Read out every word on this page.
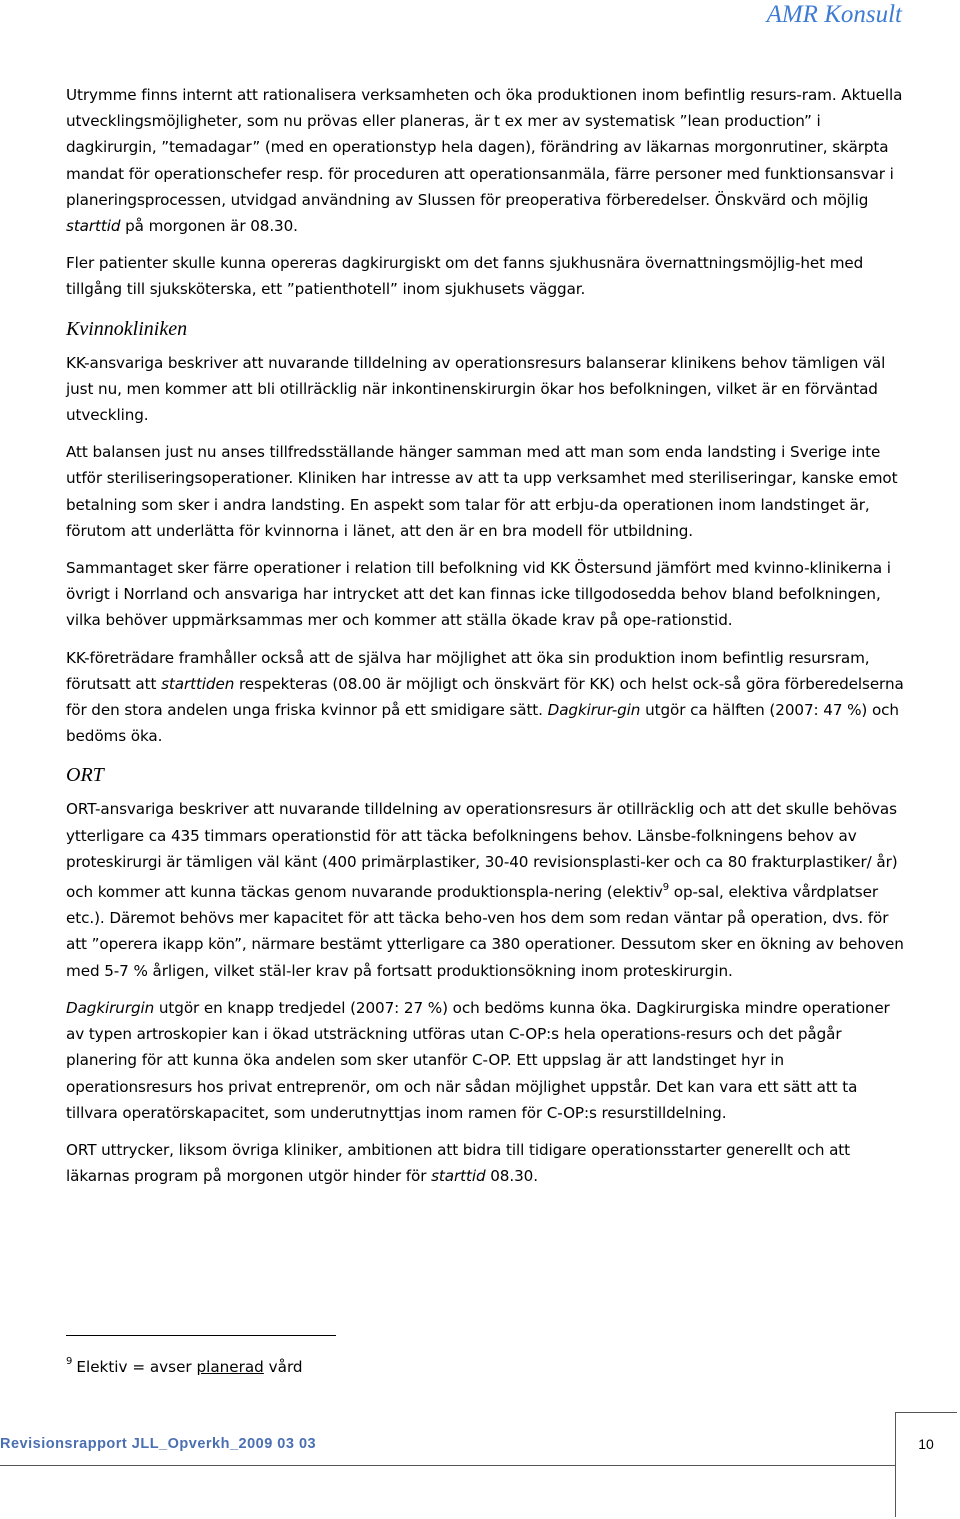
AMR Konsult

Utrymme finns internt att rationalisera verksamheten och öka produktionen inom befintlig resurs-ram. Aktuella utvecklingsmöjligheter, som nu prövas eller planeras, är t ex mer av systematisk ”lean production” i dagkirurgin, ”temadagar” (med en operationstyp hela dagen), förändring av läkarnas morgonrutiner, skärpta mandat för operationschefer resp. för proceduren att operationsanmäla, färre personer med funktionsansvar i planeringsprocessen, utvidgad användning av Slussen för preoperativa förberedelser. Önskvärd och möjlig starttid på morgonen är 08.30.

Fler patienter skulle kunna opereras dagkirurgiskt om det fanns sjukhusnära övernattningsmöjlig-het med tillgång till sjuksköterska, ett ”patienthotell” inom sjukhusets väggar.

Kvinnokliniken

KK-ansvariga beskriver att nuvarande tilldelning av operationsresurs balanserar klinikens behov tämligen väl just nu, men kommer att bli otillräcklig när inkontinenskirurgin ökar hos befolkningen, vilket är en förväntad utveckling.

Att balansen just nu anses tillfredsställande hänger samman med att man som enda landsting i Sverige inte utför steriliseringsoperationer. Kliniken har intresse av att ta upp verksamhet med steriliseringar, kanske emot betalning som sker i andra landsting. En aspekt som talar för att erbju-da operationen inom landstinget är, förutom att underlätta för kvinnorna i länet, att den är en bra modell för utbildning.

Sammantaget sker färre operationer i relation till befolkning vid KK Östersund jämfört med kvinno-klinikerna i övrigt i Norrland och ansvariga har intrycket att det kan finnas icke tillgodosedda behov bland befolkningen, vilka behöver uppmärksammas mer och kommer att ställa ökade krav på ope-rationstid.

KK-företrädare framhåller också att de själva har möjlighet att öka sin produktion inom befintlig resursram, förutsatt att starttiden respekteras (08.00 är möjligt och önskvärt för KK) och helst ock-så göra förberedelserna för den stora andelen unga friska kvinnor på ett smidigare sätt. Dagkirur-gin utgör ca hälften (2007: 47 %) och bedöms öka.

ORT

ORT-ansvariga beskriver att nuvarande tilldelning av operationsresurs är otillräcklig och att det skulle behövas ytterligare ca 435 timmars operationstid för att täcka befolkningens behov. Länsbe-folkningens behov av proteskirurgi är tämligen väl känt (400 primärplastiker, 30-40 revisionsplasti-ker och ca 80 frakturplastiker/ år) och kommer att kunna täckas genom nuvarande produktionspla-nering (elektiv$^9$ op-sal, elektiva vårdplatser etc.). Däremot behövs mer kapacitet för att täcka beho-ven hos dem som redan väntar på operation, dvs. för att ”operera ikapp kön”, närmare bestämt ytterligare ca 380 operationer. Dessutom sker en ökning av behoven med 5-7 % årligen, vilket stäl-ler krav på fortsatt produktionsökning inom proteskirurgin.

Dagkirurgin utgör en knapp tredjedel (2007: 27 %) och bedöms kunna öka. Dagkirurgiska mindre operationer av typen artroskopier kan i ökad utsträckning utföras utan C-OP:s hela operations-resurs och det pågår planering för att kunna öka andelen som sker utanför C-OP. Ett uppslag är att landstinget hyr in operationsresurs hos privat entreprenör, om och när sådan möjlighet uppstår. Det kan vara ett sätt att ta tillvara operatörskapacitet, som underutnyttjas inom ramen för C-OP:s resurstilldelning.

ORT uttrycker, liksom övriga kliniker, ambitionen att bidra till tidigare operationsstarter generellt och att läkarnas program på morgonen utgör hinder för starttid 08.30.

$^9$ Elektiv = avser planerad vård
Revisionsrapport JLL_Opverkh_2009 03 03	10
